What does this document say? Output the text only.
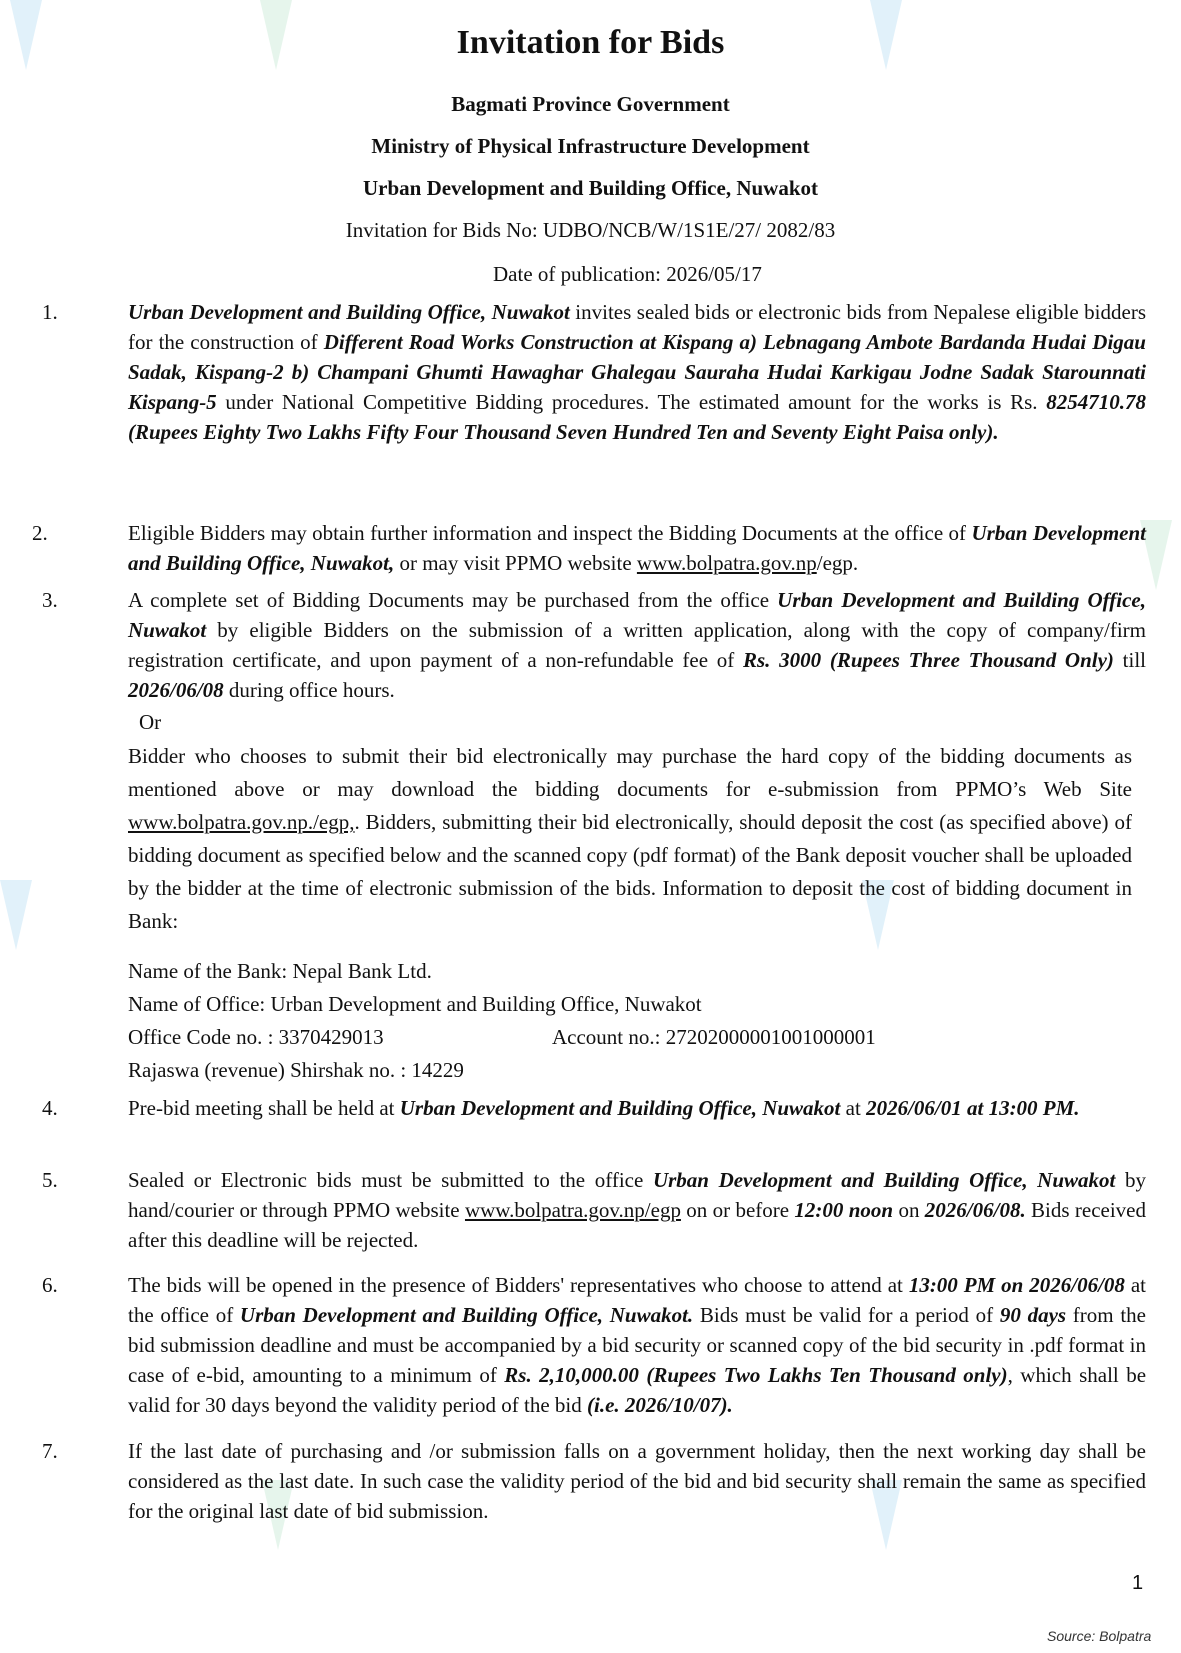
Invitation for Bids
Bagmati Province Government
Ministry of Physical Infrastructure Development
Urban Development and Building Office, Nuwakot
Invitation for Bids No: UDBO/NCB/W/1S1E/27/ 2082/83
Date of publication: 2026/05/17
1.	Urban Development and Building Office, Nuwakot invites sealed bids or electronic bids from Nepalese eligible bidders for the construction of Different Road Works Construction at Kispang a) Lebnagang Ambote Bardanda Hudai Digau Sadak, Kispang-2 b) Champani Ghumti Hawaghar Ghalegau Sauraha Hudai Karkigau Jodne Sadak Starounnati Kispang-5 under National Competitive Bidding procedures. The estimated amount for the works is Rs. 8254710.78 (Rupees Eighty Two Lakhs Fifty Four Thousand Seven Hundred Ten and Seventy Eight Paisa only).
2.	Eligible Bidders may obtain further information and inspect the Bidding Documents at the office of Urban Development and Building Office, Nuwakot, or may visit PPMO website www.bolpatra.gov.np/egp.
3.	A complete set of Bidding Documents may be purchased from the office Urban Development and Building Office, Nuwakot by eligible Bidders on the submission of a written application, along with the copy of company/firm registration certificate, and upon payment of a non-refundable fee of Rs. 3000 (Rupees Three Thousand Only) till 2026/06/08 during office hours.
Or
Bidder who chooses to submit their bid electronically may purchase the hard copy of the bidding documents as mentioned above or may download the bidding documents for e-submission from PPMO’s Web Site www.bolpatra.gov.np./egp,. Bidders, submitting their bid electronically, should deposit the cost (as specified above) of bidding document as specified below and the scanned copy (pdf format) of the Bank deposit voucher shall be uploaded by the bidder at the time of electronic submission of the bids. Information to deposit the cost of bidding document in Bank:
Name of the Bank: Nepal Bank Ltd.
Name of Office: Urban Development and Building Office, Nuwakot
Office Code no. : 3370429013	Account no.: 27202000001001000001
Rajaswa (revenue) Shirshak no. : 14229
4.	Pre-bid meeting shall be held at Urban Development and Building Office, Nuwakot at 2026/06/01 at 13:00 PM.
5.	Sealed or Electronic bids must be submitted to the office Urban Development and Building Office, Nuwakot by hand/courier or through PPMO website www.bolpatra.gov.np/egp on or before 12:00 noon on 2026/06/08. Bids received after this deadline will be rejected.
6.	The bids will be opened in the presence of Bidders' representatives who choose to attend at 13:00 PM on 2026/06/08 at the office of Urban Development and Building Office, Nuwakot. Bids must be valid for a period of 90 days from the bid submission deadline and must be accompanied by a bid security or scanned copy of the bid security in .pdf format in case of e-bid, amounting to a minimum of Rs. 2,10,000.00 (Rupees Two Lakhs Ten Thousand only), which shall be valid for 30 days beyond the validity period of the bid (i.e. 2026/10/07).
7.	If the last date of purchasing and /or submission falls on a government holiday, then the next working day shall be considered as the last date. In such case the validity period of the bid and bid security shall remain the same as specified for the original last date of bid submission.
1
Source: Bolpatra
